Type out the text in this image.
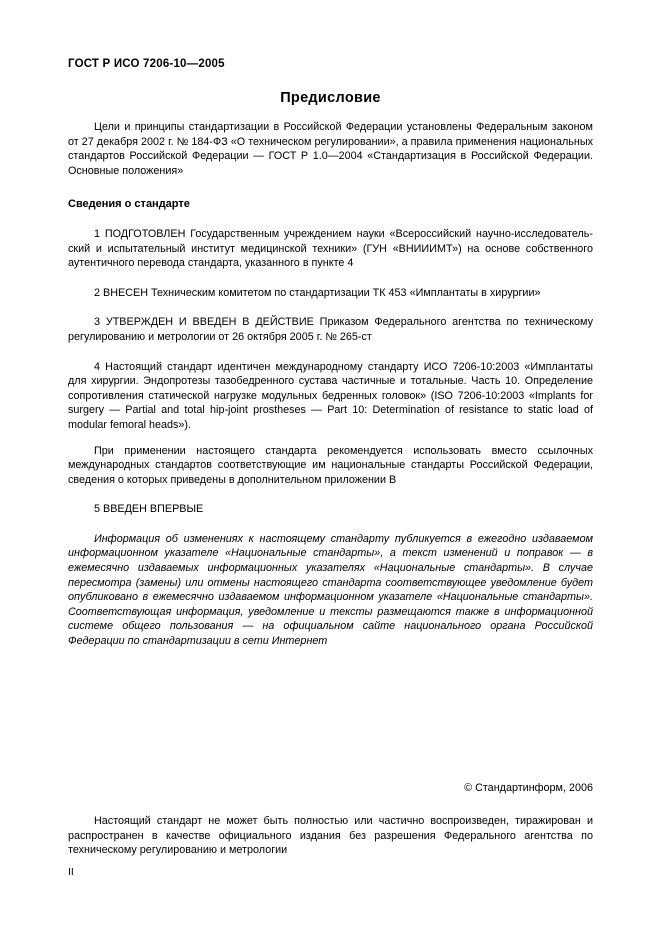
ГОСТ Р ИСО 7206-10—2005
Предисловие

Цели и принципы стандартизации в Российской Федерации установлены Федеральным законом от 27 декабря 2002 г. № 184-ФЗ «О техническом регулировании», а правила применения национальных стандартов Российской Федерации — ГОСТ Р 1.0—2004 «Стандартизация в Российской Федерации. Основные положения»

Сведения о стандарте

1 ПОДГОТОВЛЕН Государственным учреждением науки «Всероссийский научно-исследователь-ский и испытательный институт медицинской техники» (ГУН «ВНИИИМТ») на основе собственного аутентичного перевода стандарта, указанного в пункте 4

2 ВНЕСЕН Техническим комитетом по стандартизации ТК 453 «Имплантаты в хирургии»

3 УТВЕРЖДЕН И ВВЕДЕН В ДЕЙСТВИЕ Приказом Федерального агентства по техническому регулированию и метрологии от 26 октября 2005 г. № 265-ст

4 Настоящий стандарт идентичен международному стандарту ИСО 7206-10:2003 «Имплантаты для хирургии. Эндопротезы тазобедренного сустава частичные и тотальные. Часть 10. Определение сопротивления статической нагрузке модульных бедренных головок» (ISO 7206-10:2003 «Implants for surgery — Partial and total hip-joint prostheses — Part 10: Determination of resistance to static load of modular femoral heads»).

При применении настоящего стандарта рекомендуется использовать вместо ссылочных международных стандартов соответствующие им национальные стандарты Российской Федерации, сведения о которых приведены в дополнительном приложении В

5 ВВЕДЕН ВПЕРВЫЕ

Информация об изменениях к настоящему стандарту публикуется в ежегодно издаваемом информационном указателе «Национальные стандарты», а текст изменений и поправок — в ежемесячно издаваемых информационных указателях «Национальные стандарты». В случае пересмотра (замены) или отмены настоящего стандарта соответствующее уведомление будет опубликовано в ежемесячно издаваемом информационном указателе «Национальные стандарты». Соответствующая информация, уведомление и тексты размещаются также в информационной системе общего пользования — на официальном сайте национального органа Российской Федерации по стандартизации в сети Интернет

© Стандартинформ, 2006

Настоящий стандарт не может быть полностью или частично воспроизведен, тиражирован и распространен в качестве официального издания без разрешения Федерального агентства по техническому регулированию и метрологии

II
